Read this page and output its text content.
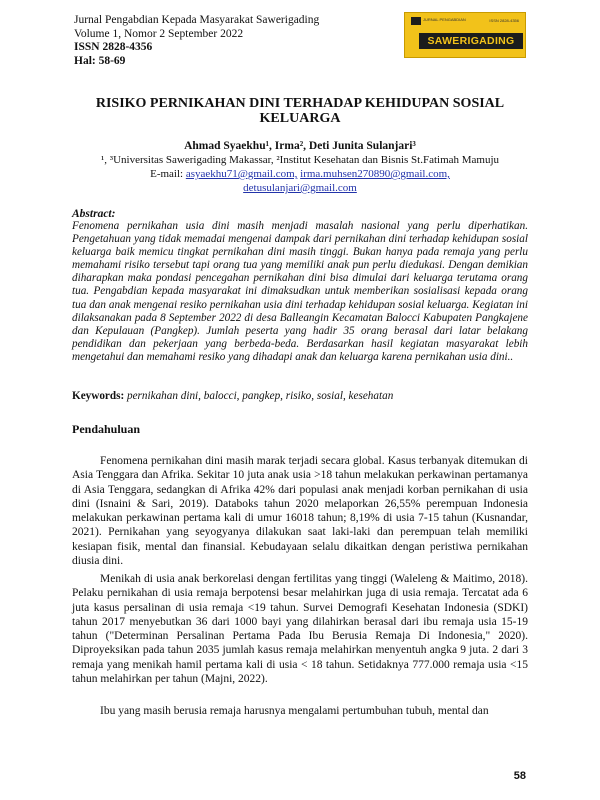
Jurnal Pengabdian Kepada Masyarakat Sawerigading
Volume 1, Nomor 2 September 2022
ISSN 2828-4356
Hal: 58-69
JURNAL PENGABDIAN	ISSN 2828-4356
SAWERIGADING
RISIKO PERNIKAHAN DINI TERHADAP KEHIDUPAN SOSIAL KELUARGA
Ahmad Syaekhu¹, Irma², Deti Junita Sulanjari³
¹, ³Universitas Sawerigading Makassar, ²Institut Kesehatan dan Bisnis St.Fatimah Mamuju
E-mail: asyaekhu71@gmail.com, irma.muhsen270890@gmail.com,
detusulanjari@gmail.com
Abstract:
Fenomena pernikahan usia dini masih menjadi masalah nasional yang perlu diperhatikan. Pengetahuan yang tidak memadai mengenai dampak dari pernikahan dini terhadap kehidupan sosial keluarga baik memicu tingkat pernikahan dini masih tinggi. Bukan hanya pada remaja yang perlu memahami risiko tersebut tapi orang tua yang memiliki anak pun perlu diedukasi. Dengan demikian diharapkan maka pondasi pencegahan pernikahan dini bisa dimulai dari keluarga terutama orang tua. Pengabdian kepada masyarakat ini dimaksudkan untuk memberikan sosialisasi kepada orang tua dan anak mengenai resiko pernikahan usia dini terhadap kehidupan sosial keluarga. Kegiatan ini dilaksanakan pada 8 September 2022 di desa Balleangin Kecamatan Balocci Kabupaten Pangkajene dan Kepulauan (Pangkep). Jumlah peserta yang hadir 35 orang berasal dari latar belakang pendidikan dan pekerjaan yang berbeda-beda. Berdasarkan hasil kegiatan masyarakat lebih mengetahui dan memahami resiko yang dihadapi anak dan keluarga karena pernikahan usia dini..
Keywords: pernikahan dini, balocci, pangkep, risiko, sosial, kesehatan
Pendahuluan

Fenomena pernikahan dini masih marak terjadi secara global. Kasus terbanyak ditemukan di Asia Tenggara dan Afrika. Sekitar 10 juta anak usia >18 tahun melakukan perkawinan pertamanya di Asia Tenggara, sedangkan di Afrika 42% dari populasi anak menjadi korban pernikahan di usia dini (Isnaini & Sari, 2019). Databoks tahun 2020 melaporkan 26,55% perempuan Indonesia melakukan perkawinan pertama kali di umur 16018 tahun; 8,19% di usia 7-15 tahun (Kusnandar, 2021). Pernikahan yang seyogyanya dilakukan saat laki-laki dan perempuan telah memiliki kesiapan fisik, mental dan finansial. Kebudayaan selalu dikaitkan dengan peristiwa pernikahan diusia dini.

Menikah di usia anak berkorelasi dengan fertilitas yang tinggi (Waleleng & Maitimo, 2018). Pelaku pernikahan di usia remaja berpotensi besar melahirkan juga di usia remaja. Tercatat ada 6 juta kasus persalinan di usia remaja <19 tahun. Survei Demografi Kesehatan Indonesia (SDKI) tahun 2017 menyebutkan 36 dari 1000 bayi yang dilahirkan berasal dari ibu remaja usia 15-19 tahun ("Determinan Persalinan Pertama Pada Ibu Berusia Remaja Di Indonesia," 2020). Diproyeksikan pada tahun 2035 jumlah kasus remaja melahirkan menyentuh angka 9 juta. 2 dari 3 remaja yang menikah hamil pertama kali di usia < 18 tahun. Setidaknya 777.000 remaja usia <15 tahun melahirkan per tahun (Majni, 2022).

Ibu yang masih berusia remaja harusnya mengalami pertumbuhan tubuh, mental dan

58
